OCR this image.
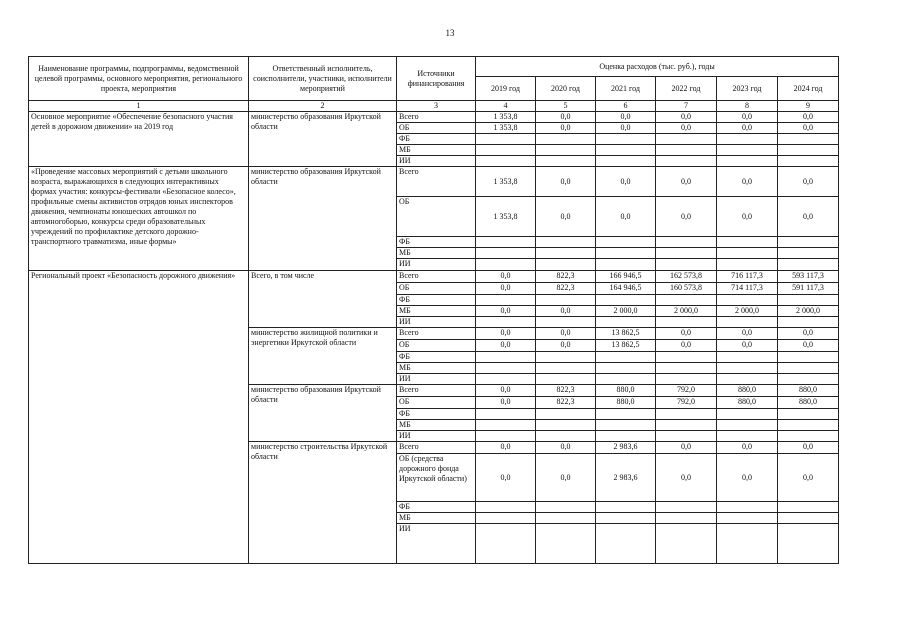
13
Наименование программы, подпрограммы, ведомственной целевой программы, основного мероприятия, регионального проекта, мероприятия	Ответственный исполнитель, соисполнители, участники, исполнители мероприятий	Источники финансирования	Оценка расходов (тыс. руб.), годы					
			2019 год	2020 год	2021 год	2022 год	2023 год	2024 год
1	2	3	4	5	6	7	8	9
Основное мероприятие «Обеспечение безопасного участия детей в дорожном движении» на 2019 год	министерство образования Иркутской области	Всего	1 353,8	0,0	0,0	0,0	0,0	0,0
		ОБ	1 353,8	0,0	0,0	0,0	0,0	0,0
		ФБ						
		МБ						
		ИИ						
«Проведение массовых мероприятий с детьми школьного возраста, выражающихся в следующих интерактивных формах участия: конкурсы-фестивали «Безопасное колесо», профильные смены активистов отрядов юных инспекторов движения, чемпионаты юношеских автошкол по автомногоборью, конкурсы среди образовательных учреждений по профилактике детского дорожно-транспортного травматизма, иные формы»	министерство образования Иркутской области	Всего	1 353,8	0,0	0,0	0,0	0,0	0,0
		ОБ	1 353,8	0,0	0,0	0,0	0,0	0,0
		ФБ						
		МБ						
		ИИ						
Региональный проект «Безопасность дорожного движения»	Всего, в том числе	Всего	0,0	822,3	166 946,5	162 573,8	716 117,3	593 117,3
		ОБ	0,0	822,3	164 946,5	160 573,8	714 117,3	591 117,3
		ФБ						
		МБ	0,0	0,0	2 000,0	2 000,0	2 000,0	2 000,0
		ИИ						
	министерство жилищной политики и энергетики Иркутской области	Всего	0,0	0,0	13 862,5	0,0	0,0	0,0
		ОБ	0,0	0,0	13 862,5	0,0	0,0	0,0
		ФБ						
		МБ						
		ИИ						
	министерство образования Иркутской области	Всего	0,0	822,3	880,0	792,0	880,0	880,0
		ОБ	0,0	822,3	880,0	792,0	880,0	880,0
		ФБ						
		МБ						
		ИИ						
	министерство строительства Иркутской области	Всего	0,0	0,0	2 983,6	0,0	0,0	0,0
		ОБ (средства дорожного фонда Иркутской области)	0,0	0,0	2 983,6	0,0	0,0	0,0
		ФБ						
		МБ						
		ИИ						
